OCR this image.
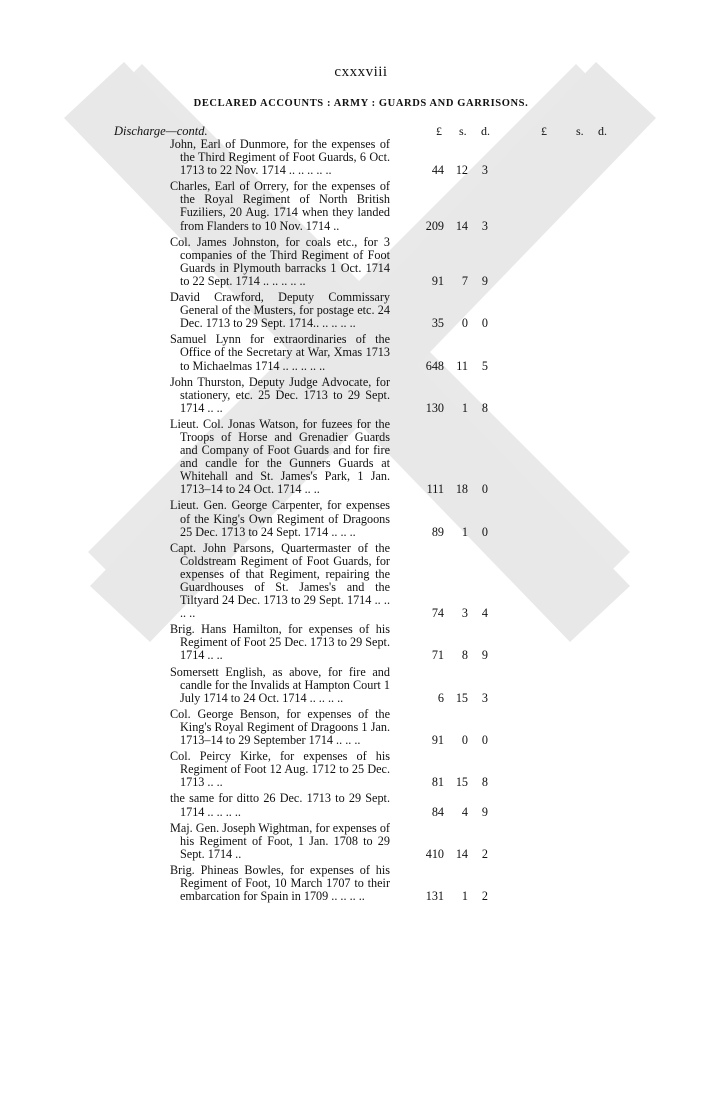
cxxxviii
DECLARED ACCOUNTS : ARMY : GUARDS AND GARRISONS.
Discharge—contd.	£ s. d.	£ s. d.
John, Earl of Dunmore, for the expenses of the Third Regiment of Foot Guards, 6 Oct. 1713 to 22 Nov. 1714 .. .. .. .. ..	44 12	3
Charles, Earl of Orrery, for the expenses of the Royal Regiment of North British Fuziliers, 20 Aug. 1714 when they landed from Flanders to 10 Nov. 1714 ..	209 14	3
Col. James Johnston, for coals etc., for 3 companies of the Third Regiment of Foot Guards in Plymouth barracks 1 Oct. 1714 to 22 Sept. 1714 .. .. .. .. ..	91	7	9
David Crawford, Deputy Commissary General of the Musters, for postage etc. 24 Dec. 1713 to 29 Sept. 1714.. .. .. .. ..	35	0	0
Samuel Lynn for extraordinaries of the Office of the Secretary at War, Xmas 1713 to Michaelmas 1714 .. .. .. .. ..	648	11	5
John Thurston, Deputy Judge Advocate, for stationery, etc. 25 Dec. 1713 to 29 Sept. 1714 .. ..	130	1	8
Lieut. Col. Jonas Watson, for fuzees for the Troops of Horse and Grenadier Guards and Company of Foot Guards and for fire and candle for the Gunners Guards at Whitehall and St. James's Park, 1 Jan. 1713–14 to 24 Oct. 1714 .. ..	111 18	0
Lieut. Gen. George Carpenter, for expenses of the King's Own Regiment of Dragoons 25 Dec. 1713 to 24 Sept. 1714 .. .. ..	89	1	0
Capt. John Parsons, Quartermaster of the Coldstream Regiment of Foot Guards, for expenses of that Regiment, repairing the Guardhouses of St. James's and the Tiltyard 24 Dec. 1713 to 29 Sept. 1714 .. .. .. ..	74	3	4
Brig. Hans Hamilton, for expenses of his Regiment of Foot 25 Dec. 1713 to 29 Sept. 1714 .. ..	71	8	9
Somersett English, as above, for fire and candle for the Invalids at Hampton Court 1 July 1714 to 24 Oct. 1714 .. .. .. ..	6 15	3
Col. George Benson, for expenses of the King's Royal Regiment of Dragoons 1 Jan. 1713–14 to 29 September 1714 .. .. ..	91	0	0
Col. Peircy Kirke, for expenses of his Regiment of Foot 12 Aug. 1712 to 25 Dec. 1713 .. ..	81 15	8
the same for ditto 26 Dec. 1713 to 29 Sept. 1714 .. .. .. ..	84	4	9
Maj. Gen. Joseph Wightman, for expenses of his Regiment of Foot, 1 Jan. 1708 to 29 Sept. 1714 ..	410 14	2
Brig. Phineas Bowles, for expenses of his Regiment of Foot, 10 March 1707 to their embarcation for Spain in 1709 .. .. .. ..	131	1	2
